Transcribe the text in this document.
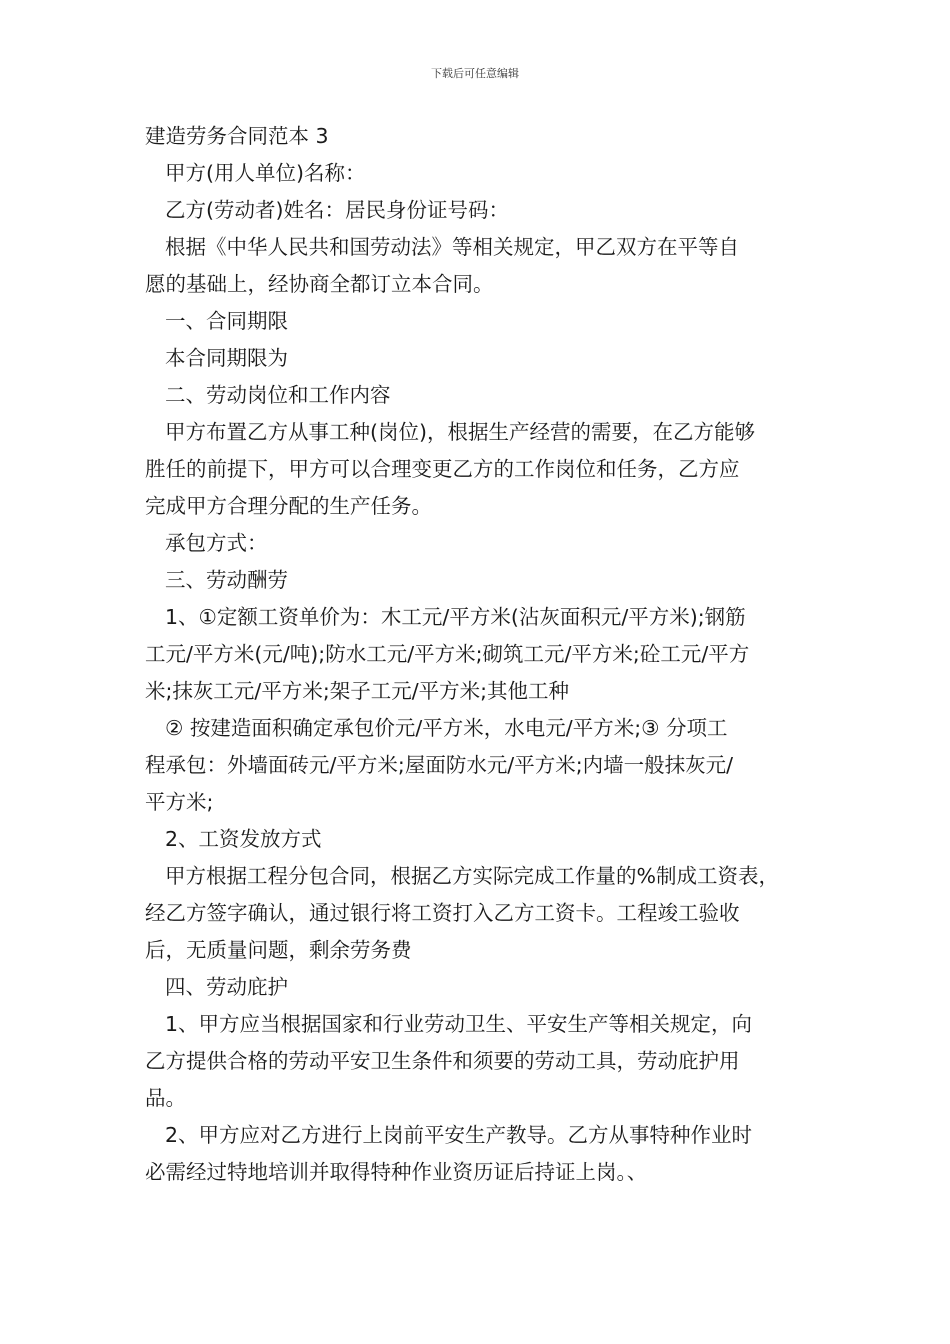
下载后可任意编辑
建造劳务合同范本 3
甲方(用人单位)名称：
乙方(劳动者)姓名：居民身份证号码：
根据《中华人民共和国劳动法》等相关规定，甲乙双方在平等自
愿的基础上，经协商全都订立本合同。
一、合同期限
本合同期限为
二、劳动岗位和工作内容
甲方布置乙方从事工种(岗位)，根据生产经营的需要，在乙方能够
胜任的前提下，甲方可以合理变更乙方的工作岗位和任务，乙方应
完成甲方合理分配的生产任务。
承包方式：
三、劳动酬劳
1、①定额工资单价为：木工元/平方米(沾灰面积元/平方米);钢筋
工元/平方米(元/吨);防水工元/平方米;砌筑工元/平方米;砼工元/平方
米;抹灰工元/平方米;架子工元/平方米;其他工种
② 按建造面积确定承包价元/平方米，水电元/平方米;③ 分项工
程承包：外墙面砖元/平方米;屋面防水元/平方米;内墙一般抹灰元/
平方米;
2、工资发放方式
甲方根据工程分包合同，根据乙方实际完成工作量的%制成工资表，
经乙方签字确认，通过银行将工资打入乙方工资卡。工程竣工验收
后，无质量问题，剩余劳务费
四、劳动庇护
1、甲方应当根据国家和行业劳动卫生、平安生产等相关规定，向
乙方提供合格的劳动平安卫生条件和须要的劳动工具，劳动庇护用
品。
2、甲方应对乙方进行上岗前平安生产教导。乙方从事特种作业时
必需经过特地培训并取得特种作业资历证后持证上岗。、
